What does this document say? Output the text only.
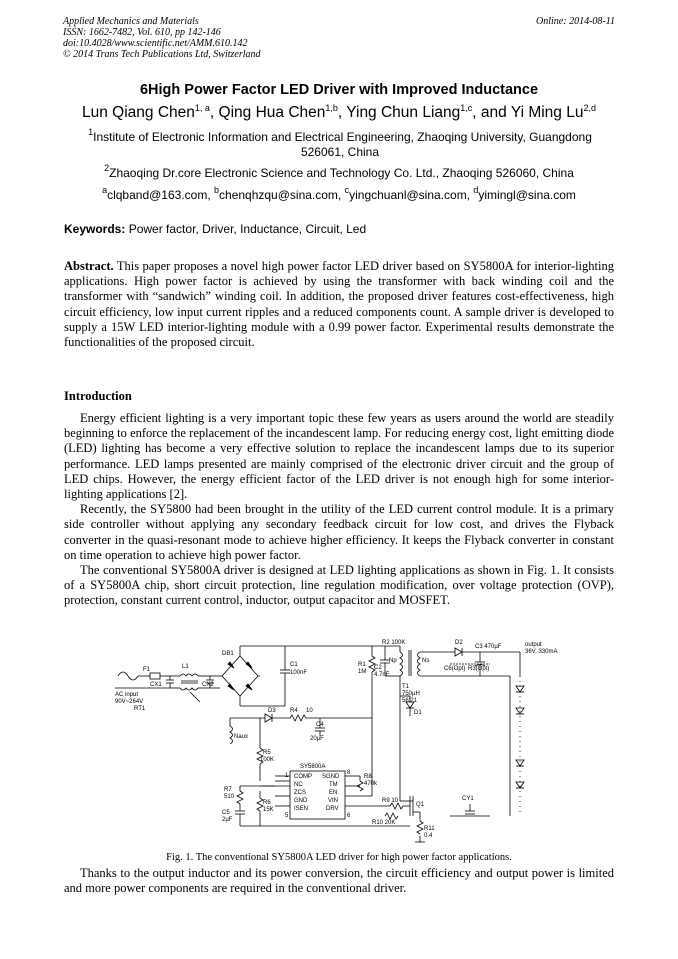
Applied Mechanics and Materials
ISSN: 1662-7482, Vol. 610, pp 142-146
doi:10.4028/www.scientific.net/AMM.610.142
© 2014 Trans Tech Publications Ltd, Switzerland
Online: 2014-08-11
6High Power Factor LED Driver with Improved Inductance
Lun Qiang Chen$^{1, a}$, Qing Hua Chen$^{1,b}$, Ying Chun Liang$^{1,c}$, and Yi Ming Lu$^{2,d}$
$^1$Institute of Electronic Information and Electrical Engineering, Zhaoqing University, Guangdong 526061, China
$^2$Zhaoqing Dr.core Electronic Science and Technology Co. Ltd., Zhaoqing 526060, China
$^a$clqband@163.com, $^b$chenqhzqu@sina.com, $^c$yingchuanl@sina.com, $^d$yimingl@sina.com
Keywords: Power factor, Driver, Inductance, Circuit, Led
Abstract. This paper proposes a novel high power factor LED driver based on SY5800A for interior-lighting applications. High power factor is achieved by using the transformer with back winding coil and the transformer with “sandwich” winding coil. In addition, the proposed driver features cost-effectiveness, high circuit efficiency, low input current ripples and a reduced components count. A sample driver is developed to supply a 15W LED interior-lighting module with a 0.99 power factor. Experimental results demonstrate the functionalities of the proposed circuit.
Introduction

Energy efficient lighting is a very important topic these few years as users around the world are steadily beginning to enforce the replacement of the incandescent lamp. For reducing energy cost, light emitting diode (LED) lighting has become a very effective solution to replace the incandescent lamps due to its superior performance. LED lamps presented are mainly comprised of the electronic driver circuit and the group of LED chips. However, the energy efficient factor of the LED driver is not enough high for some interior-lighting applications [2].

Recently, the SY5800 had been brought in the utility of the LED current control module. It is a primary side controller without applying any secondary feedback circuit for low cost, and drives the Flyback converter in the quasi-resonant mode to achieve higher efficiency. It keeps the Flyback converter in constant on time operation to achieve high power factor.

The conventional SY5800A driver is designed at LED lighting applications as shown in Fig. 1. It consists of a SY5800A chip, short circuit protection, line regulation modification, over voltage protection (OVP), protection, constant current control, inductor, output capacitor and MOSFET.

F1	L1
CX1	CX2
DB1
AC input
90V~264V
RT1
C1
100nF
R1
1M
R2 100K
C2
4.7nF
D1
Np	Ns
T1
750µH
56:21
D2
C3 470µF	output
36V, 330mA
C6(Opt) R3(Opt)
D3 R4 10
C4
20µF
Naux
R5
100K
SY5800A
COMP
NC
ZCS
GND
ISEN
SGND
TM
EN
VIN
DRV
1
5	6
8
R7
510
C5
2µF
R6
15K
R8
470k
R9 10
R10 20K
Q1
R11
0.4
CY1
Fig. 1. The conventional SY5800A LED driver for high power factor applications.
Thanks to the output inductor and its power conversion, the circuit efficiency and output power is limited and more power components are required in the conventional driver.
